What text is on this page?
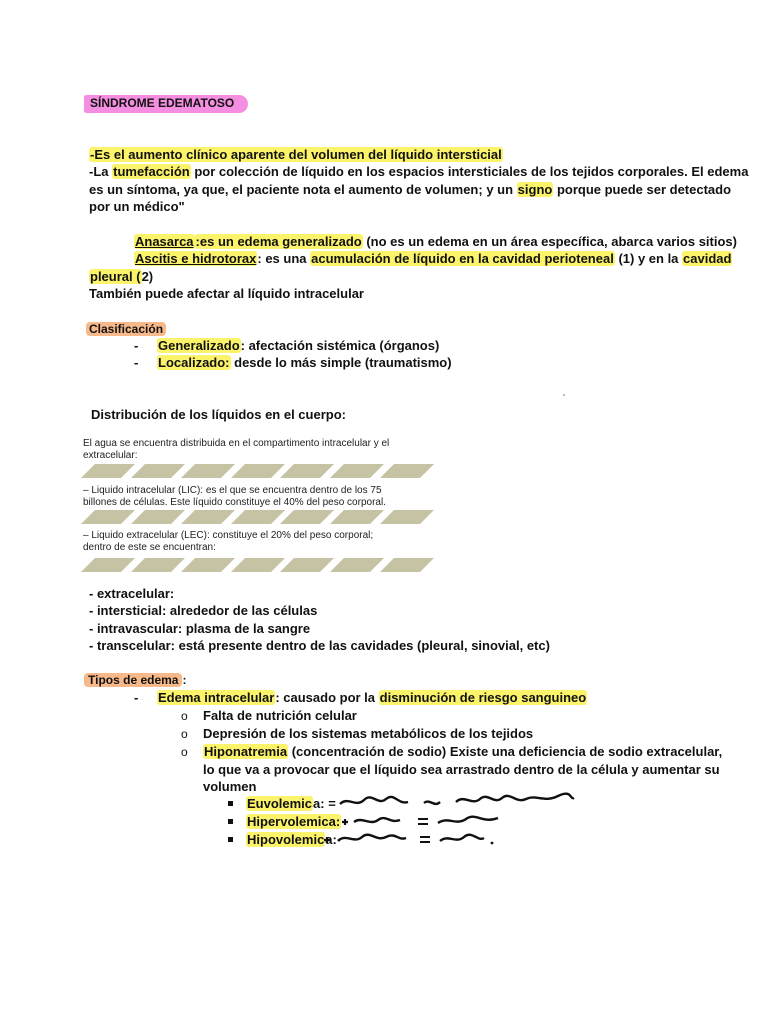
SÍNDROME EDEMATOSO
-Es el aumento clínico aparente del volumen del líquido intersticial
-La tumefacción por colección de líquido en los espacios intersticiales de los tejidos corporales. El edema
es un síntoma, ya que, el paciente nota el aumento de volumen; y un signo porque puede ser detectado
por un médico"
Anasarca :es un edema generalizado (no es un edema en un área específica, abarca varios sitios)
Ascitis e hidrotorax: es una acumulación de líquido en la cavidad perioteneal (1) y en la cavidad
pleural (2)
También puede afectar al líquido intracelular
Clasificación
- Generalizado: afectación sistémica (órganos)
- Localizado: desde lo más simple (traumatismo)
Distribución de los líquidos en el cuerpo:
El agua se encuentra distribuida en el compartimento intracelular y el
extracelular:
– Liquido intracelular (LIC): es el que se encuentra dentro de los 75
billones de células. Este líquido constituye el 40% del peso corporal.
– Liquido extracelular (LEC): constituye el 20% del peso corporal;
dentro de este se encuentran:
- extracelular:
- intersticial: alrededor de las células
- intravascular: plasma de la sangre
- transcelular: está presente dentro de las cavidades (pleural, sinovial, etc)
Tipos de edema :
- Edema intracelular: causado por la disminución de riesgo sanguineo
o Falta de nutrición celular
o Depresión de los sistemas metabólicos de los tejidos
o Hiponatremia (concentración de sodio) Existe una deficiencia de sodio extracelular,
lo que va a provocar que el líquido sea arrastrado dentro de la célula y aumentar su
volumen
Euvolemica: =
Hipervolemica:
Hipovolemica:
